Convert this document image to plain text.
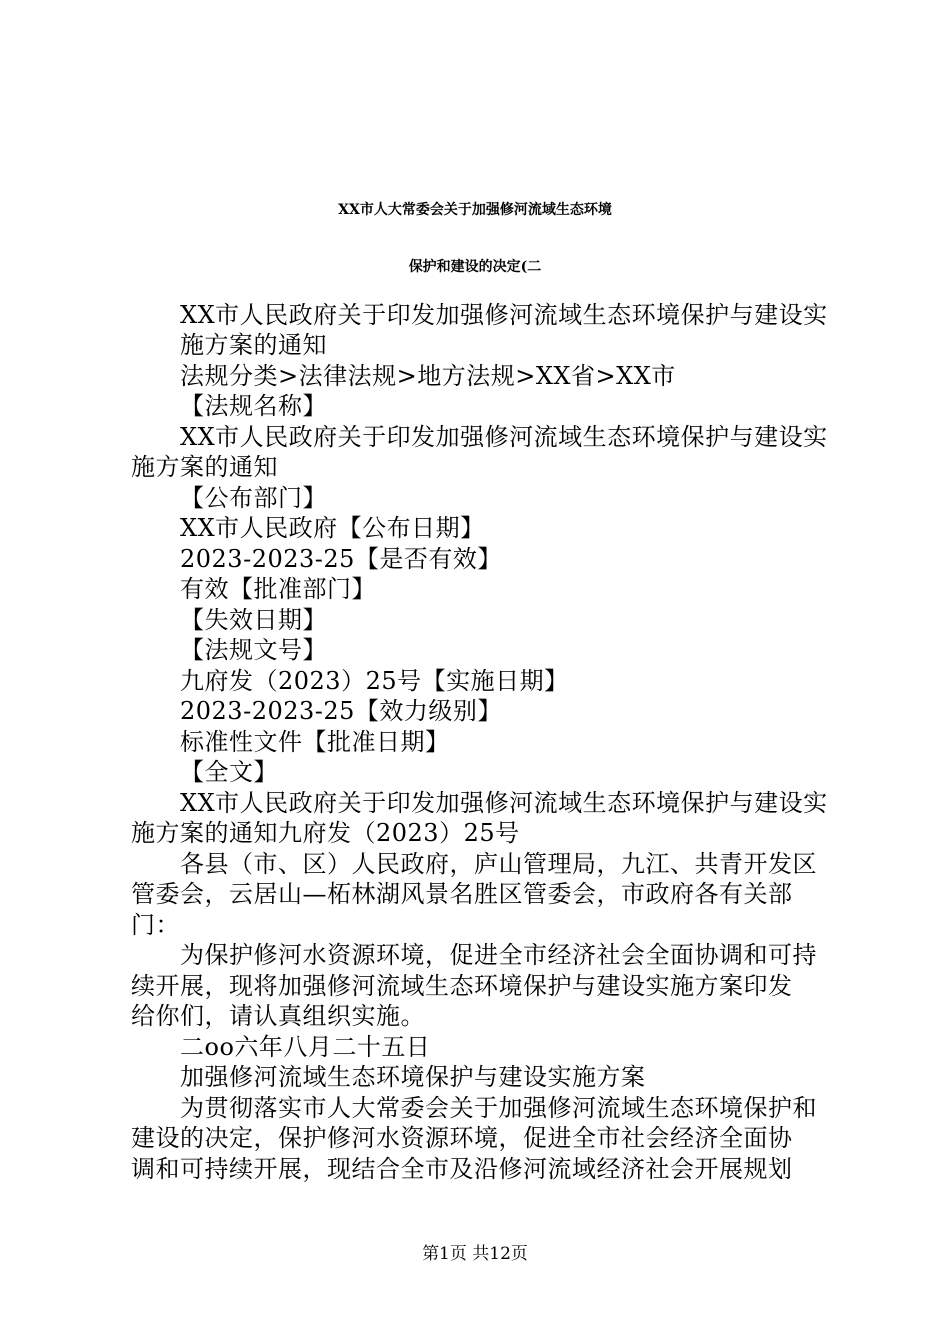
XX市人大常委会关于加强修河流域生态环境
保护和建设的决定(二
XX市人民政府关于印发加强修河流域生态环境保护与建设实
施方案的通知
法规分类>法律法规>地方法规>XX省>XX市
【法规名称】
XX市人民政府关于印发加强修河流域生态环境保护与建设实
施方案的通知
【公布部门】
XX市人民政府【公布日期】
2023-2023-25【是否有效】
有效【批准部门】
【失效日期】
【法规文号】
九府发（2023）25号【实施日期】
2023-2023-25【效力级别】
标准性文件【批准日期】
【全文】
XX市人民政府关于印发加强修河流域生态环境保护与建设实
施方案的通知九府发（2023）25号
各县（市、区）人民政府，庐山管理局，九江、共青开发区
管委会，云居山—柘林湖风景名胜区管委会，市政府各有关部
门：
为保护修河水资源环境，促进全市经济社会全面协调和可持
续开展，现将加强修河流域生态环境保护与建设实施方案印发
给你们，请认真组织实施。
二oo六年八月二十五日
加强修河流域生态环境保护与建设实施方案
为贯彻落实市人大常委会关于加强修河流域生态环境保护和
建设的决定，保护修河水资源环境，促进全市社会经济全面协
调和可持续开展，现结合全市及沿修河流域经济社会开展规划
第1页 共12页
